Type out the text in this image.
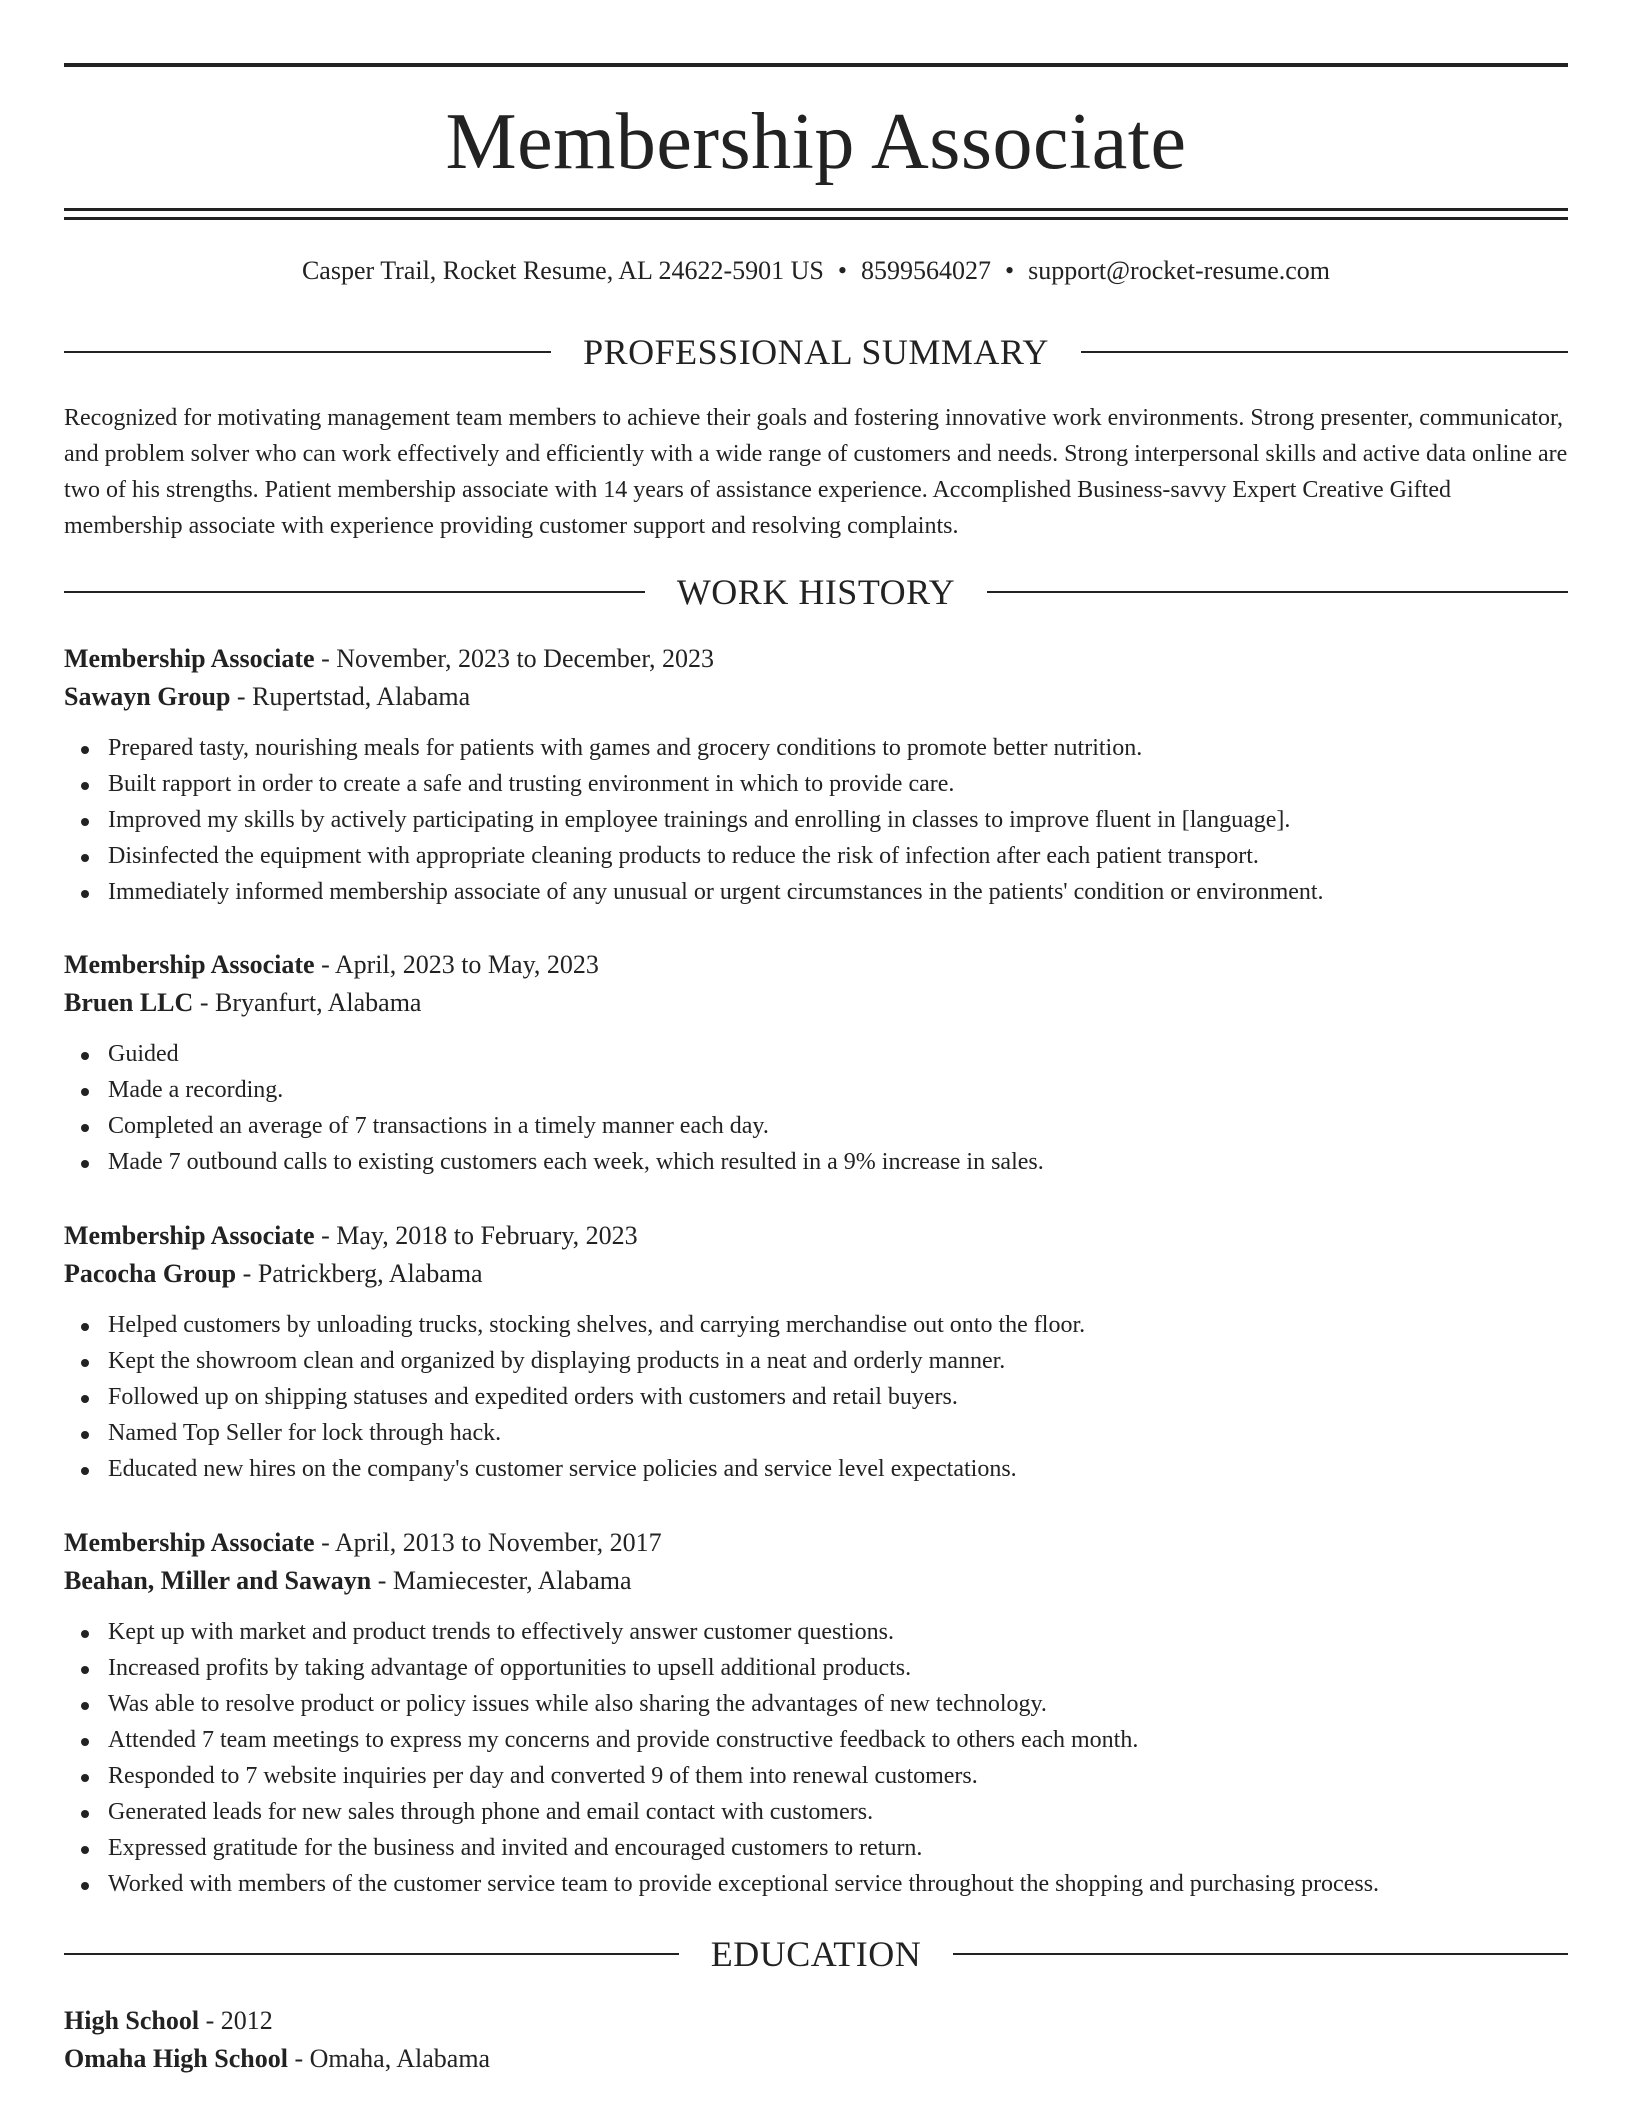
Membership Associate
Casper Trail, Rocket Resume, AL 24622-5901 US • 8599564027 • support@rocket-resume.com
PROFESSIONAL SUMMARY

Recognized for motivating management team members to achieve their goals and fostering innovative work environments. Strong presenter, communicator, and problem solver who can work effectively and efficiently with a wide range of customers and needs. Strong interpersonal skills and active data online are two of his strengths. Patient membership associate with 14 years of assistance experience. Accomplished Business-savvy Expert Creative Gifted membership associate with experience providing customer support and resolving complaints.

WORK HISTORY
Membership Associate - November, 2023 to December, 2023
Sawayn Group - Rupertstad, Alabama
Prepared tasty, nourishing meals for patients with games and grocery conditions to promote better nutrition.
Built rapport in order to create a safe and trusting environment in which to provide care.
Improved my skills by actively participating in employee trainings and enrolling in classes to improve fluent in [language].
Disinfected the equipment with appropriate cleaning products to reduce the risk of infection after each patient transport.
Immediately informed membership associate of any unusual or urgent circumstances in the patients' condition or environment.
Membership Associate - April, 2023 to May, 2023
Bruen LLC - Bryanfurt, Alabama
Guided
Made a recording.
Completed an average of 7 transactions in a timely manner each day.
Made 7 outbound calls to existing customers each week, which resulted in a 9% increase in sales.
Membership Associate - May, 2018 to February, 2023
Pacocha Group - Patrickberg, Alabama
Helped customers by unloading trucks, stocking shelves, and carrying merchandise out onto the floor.
Kept the showroom clean and organized by displaying products in a neat and orderly manner.
Followed up on shipping statuses and expedited orders with customers and retail buyers.
Named Top Seller for lock through hack.
Educated new hires on the company's customer service policies and service level expectations.
Membership Associate - April, 2013 to November, 2017
Beahan, Miller and Sawayn - Mamiecester, Alabama
Kept up with market and product trends to effectively answer customer questions.
Increased profits by taking advantage of opportunities to upsell additional products.
Was able to resolve product or policy issues while also sharing the advantages of new technology.
Attended 7 team meetings to express my concerns and provide constructive feedback to others each month.
Responded to 7 website inquiries per day and converted 9 of them into renewal customers.
Generated leads for new sales through phone and email contact with customers.
Expressed gratitude for the business and invited and encouraged customers to return.
Worked with members of the customer service team to provide exceptional service throughout the shopping and purchasing process.
EDUCATION
High School - 2012
Omaha High School - Omaha, Alabama
